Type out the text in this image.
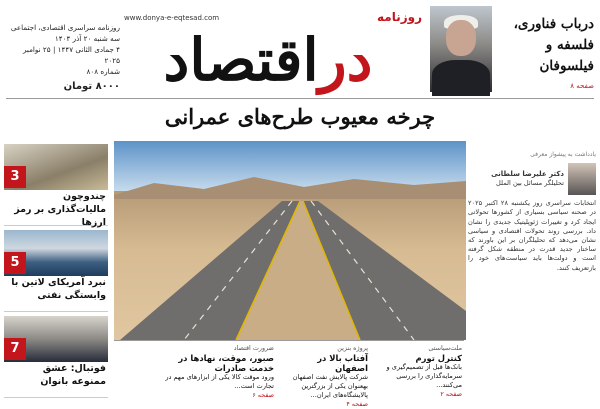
درباب فناوری، فلسفه و فیلسوفان
صفحه ۸
روزنامه
www.donya-e-eqtesad.com
دراقتصاد
روزنامه سراسری اقتصادی، اجتماعی
سه شنبه ۲۰ آذر ۱۴۰۴
۴ جمادی الثانی ۱۴۴۷ | ۲۵ نوامبر ۲۰۲۵
شماره ۸۰۸
۸۰۰۰ تومان
چرخه معیوب طرح‌های عمرانی
3
چندوچون مالیات‌گذاری بر رمز ارزها
5
نبرد آمریکای لاتین با وابستگی نفتی
7
فوتبال: عشق ممنوعه بانوان
یادداشت به پیشواز معرفی
دکتر علیرضا سلطانی
تحلیلگر مسائل بین الملل
انتخابات سراسری روز یکشنبه ۲۸ اکتبر ۲۰۲۵ در صحنه سیاسی بسیاری از کشورها تحولاتی ایجاد کرد و تغییرات ژئوپلیتیک جدیدی را نشان داد. بررسی روند تحولات اقتصادی و سیاسی نشان می‌دهد که تحلیلگران بر این باورند که ساختار جدید قدرت در منطقه شکل گرفته است و دولت‌ها باید سیاست‌های خود را بازتعریف کنند.
ملت‌سیاستی
کنترل تورم
بانک‌ها قبل از تصمیم‌گیری و سرمایه‌گذاری را بررسی می‌کنند...
صفحه ۲
پروژه‌ بنزین
آفتاب بالا در اصفهان
شرکت پالایش نفت اصفهان بهعنوان یکی از بزرگترین پالایشگاه‌های ایران...
صفحه ۴
ضرورت اقتصاد
صبور، موقت، نهادها در خدمت صادرات
ورود موقت کالا یکی از ابزارهای مهم در تجارت است...
صفحه ۶
